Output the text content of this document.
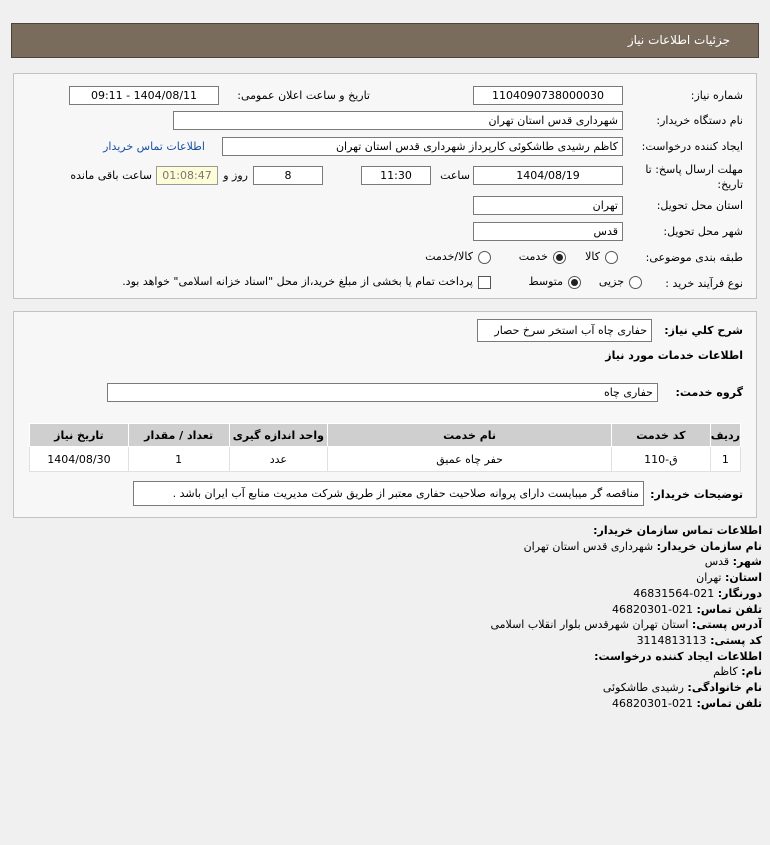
جزئیات اطلاعات نیاز
شماره نیاز:
1104090738000030
تاریخ و ساعت اعلان عمومی:
1404/08/11 - 09:11
نام دستگاه خریدار:
شهرداری قدس استان تهران
ایجاد کننده درخواست:
کاظم رشیدی طاشکوئی کارپرداز شهرداری قدس استان تهران
اطلاعات تماس خریدار
مهلت ارسال پاسخ: تا
تاریخ:
1404/08/19
ساعت
11:30
8
روز و
01:08:47
ساعت باقی مانده
استان محل تحویل:
تهران
شهر محل تحویل:
قدس
طبقه بندی موضوعی:
کالا
خدمت
کالا/خدمت
نوع فرآیند خرید :
جزیی
متوسط
پرداخت تمام یا بخشی از مبلغ خرید،از محل "اسناد خزانه اسلامی" خواهد بود.
شرح کلي نياز:
حفاری چاه آب استخر سرخ حصار
اطلاعات خدمات مورد نیاز
گروه خدمت:
حفاری چاه
تاریخ نیاز	تعداد / مقدار	واحد اندازه گیری	نام خدمت	کد خدمت	ردیف
1404/08/30	1	عدد	حفر چاه عمیق	ق-110	1
توضیحات خریدار:
مناقصه گر میبایست دارای پروانه صلاحیت حفاری معتبر از طریق شرکت مدیریت منابع آب ایران باشد .
اطلاعات تماس سازمان خریدار:
نام سازمان خریدار: شهرداری قدس استان تهران
شهر: قدس
استان: تهران
دورنگار: 021-46831564
تلفن تماس: 021-46820301
آدرس پستی: استان تهران شهرقدس بلوار انقلاب اسلامی
کد پستی: 3114813113
اطلاعات ایجاد کننده درخواست:
نام: کاظم
نام خانوادگی: رشیدی طاشکوئی
تلفن تماس: 021-46820301
